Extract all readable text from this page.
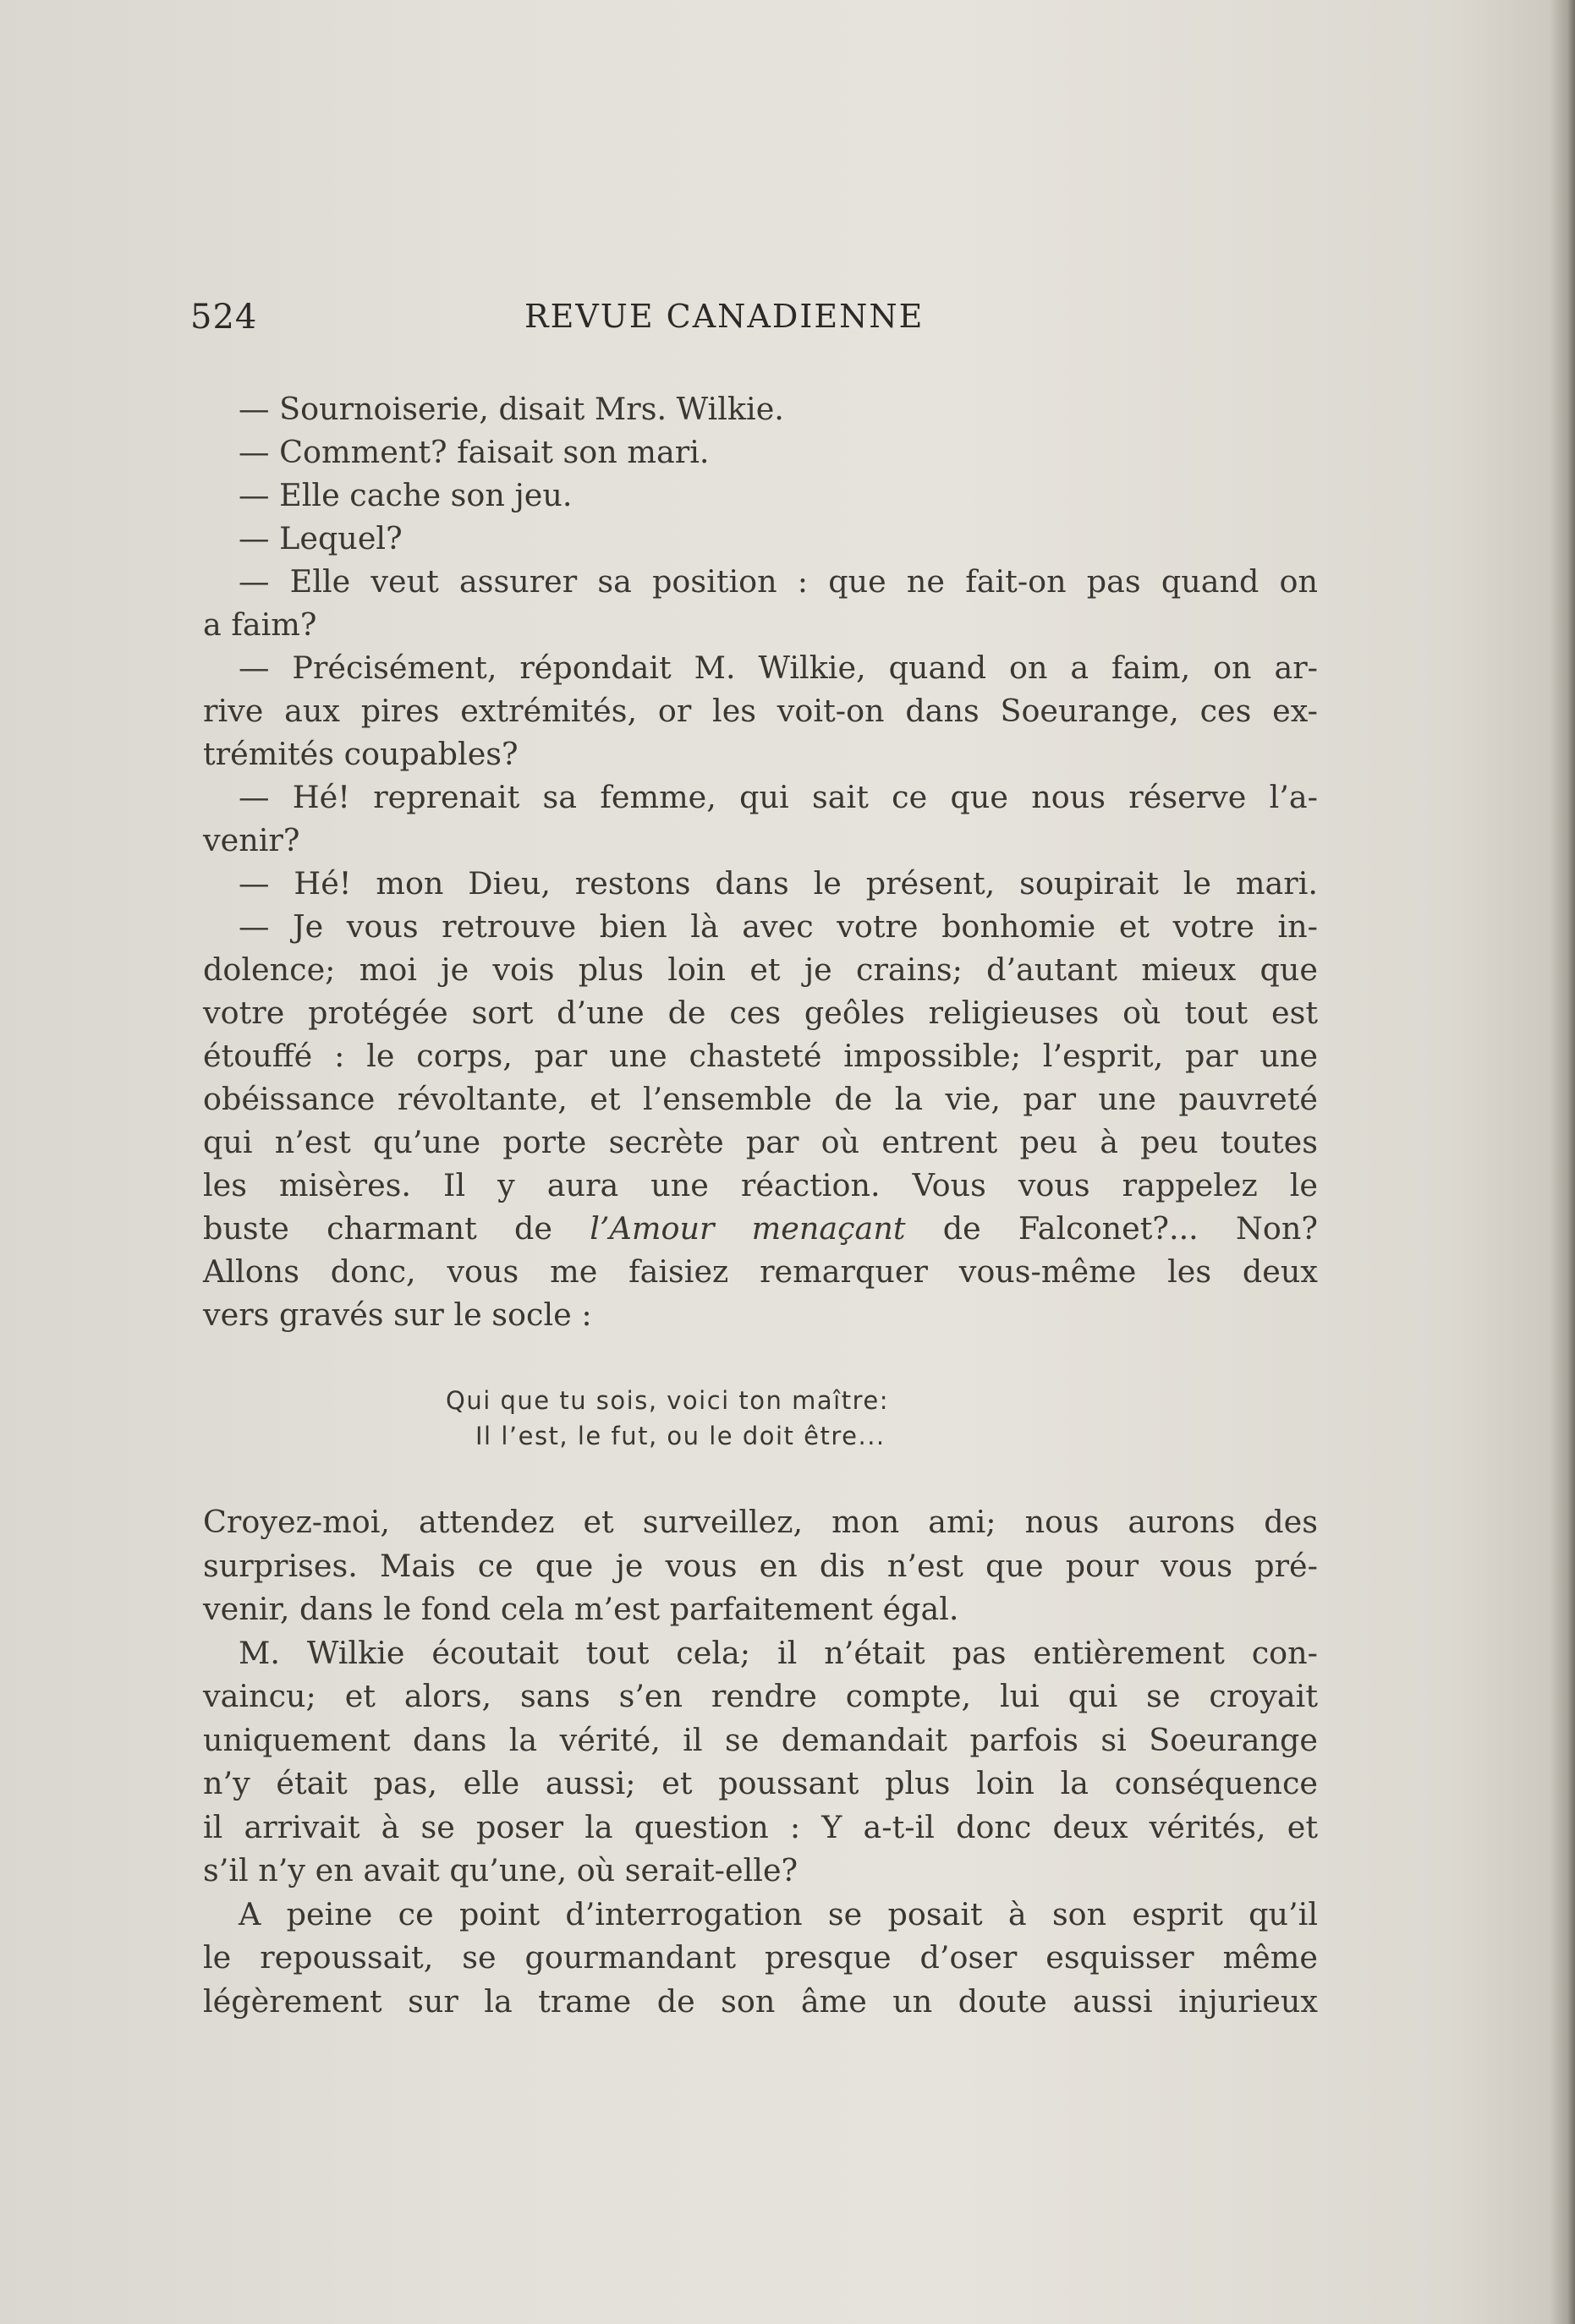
524	REVUE CANADIENNE
— Sournoiserie, disait Mrs. Wilkie.
— Comment? faisait son mari.
— Elle cache son jeu.
— Lequel?
— Elle veut assurer sa position : que ne fait-on pas quand on
a faim?
— Précisément, répondait M. Wilkie, quand on a faim, on ar-
rive aux pires extrémités, or les voit-on dans Soeurange, ces ex-
trémités coupables?
— Hé! reprenait sa femme, qui sait ce que nous réserve l’a-
venir?
— Hé! mon Dieu, restons dans le présent, soupirait le mari.
— Je vous retrouve bien là avec votre bonhomie et votre in-
dolence; moi je vois plus loin et je crains; d’autant mieux que
votre protégée sort d’une de ces geôles religieuses où tout est
étouffé : le corps, par une chasteté impossible; l’esprit, par une
obéissance révoltante, et l’ensemble de la vie, par une pauvreté
qui n’est qu’une porte secrète par où entrent peu à peu toutes
les misères. Il y aura une réaction. Vous vous rappelez le
buste charmant de l’Amour menaçant de Falconet?... Non?
Allons donc, vous me faisiez remarquer vous-même les deux
vers gravés sur le socle :
Qui que tu sois, voici ton maître:
Il l’est, le fut, ou le doit être...
Croyez-moi, attendez et surveillez, mon ami; nous aurons des
surprises. Mais ce que je vous en dis n’est que pour vous pré-
venir, dans le fond cela m’est parfaitement égal.
M. Wilkie écoutait tout cela; il n’était pas entièrement con-
vaincu; et alors, sans s’en rendre compte, lui qui se croyait
uniquement dans la vérité, il se demandait parfois si Soeurange
n’y était pas, elle aussi; et poussant plus loin la conséquence
il arrivait à se poser la question : Y a-t-il donc deux vérités, et
s’il n’y en avait qu’une, où serait-elle?
A peine ce point d’interrogation se posait à son esprit qu’il
le repoussait, se gourmandant presque d’oser esquisser même
légèrement sur la trame de son âme un doute aussi injurieux
